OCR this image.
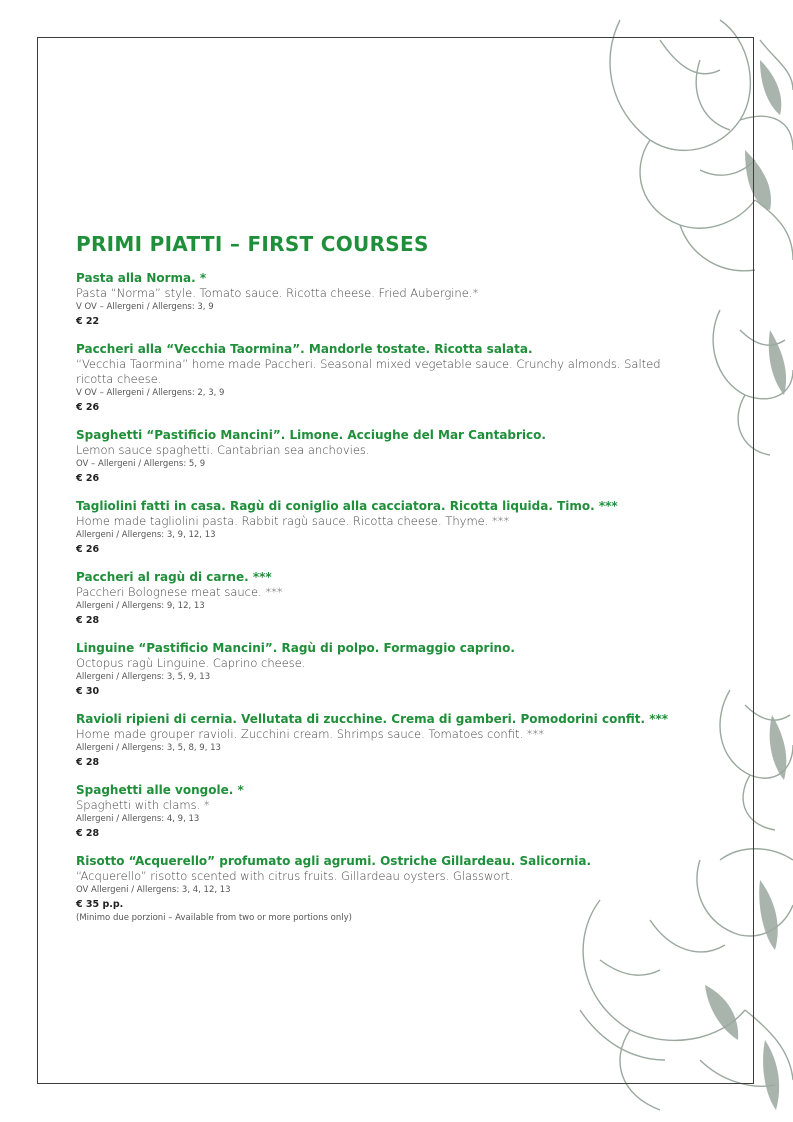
PRIMI PIATTI – FIRST COURSES
Pasta alla Norma. *
Pasta “Norma” style. Tomato sauce. Ricotta cheese. Fried Aubergine.*
V OV – Allergeni / Allergens: 3, 9
€ 22
Paccheri alla “Vecchia Taormina”. Mandorle tostate. Ricotta salata.
“Vecchia Taormina” home made Paccheri. Seasonal mixed vegetable sauce. Crunchy almonds. Salted ricotta cheese.
V OV – Allergeni / Allergens: 2, 3, 9
€ 26
Spaghetti “Pastificio Mancini”. Limone. Acciughe del Mar Cantabrico.
Lemon sauce spaghetti. Cantabrian sea anchovies.
OV – Allergeni / Allergens: 5, 9
€ 26
Tagliolini fatti in casa. Ragù di coniglio alla cacciatora. Ricotta liquida. Timo. ***
Home made tagliolini pasta. Rabbit ragù sauce. Ricotta cheese. Thyme. ***
Allergeni / Allergens: 3, 9, 12, 13
€ 26
Paccheri al ragù di carne. ***
Paccheri Bolognese meat sauce. ***
Allergeni / Allergens: 9, 12, 13
€ 28
Linguine “Pastificio Mancini”. Ragù di polpo. Formaggio caprino.
Octopus ragù Linguine. Caprino cheese.
Allergeni / Allergens: 3, 5, 9, 13
€ 30
Ravioli ripieni di cernia. Vellutata di zucchine. Crema di gamberi. Pomodorini confit. ***
Home made grouper ravioli. Zucchini cream. Shrimps sauce. Tomatoes confit. ***
Allergeni / Allergens: 3, 5, 8, 9, 13
€ 28
Spaghetti alle vongole. *
Spaghetti with clams. *
Allergeni / Allergens: 4, 9, 13
€ 28
Risotto “Acquerello” profumato agli agrumi. Ostriche Gillardeau. Salicornia.
“Acquerello” risotto scented with citrus fruits. Gillardeau oysters. Glasswort.
OV Allergeni / Allergens: 3, 4, 12, 13
€ 35 p.p.
(Minimo due porzioni – Available from two or more portions only)
